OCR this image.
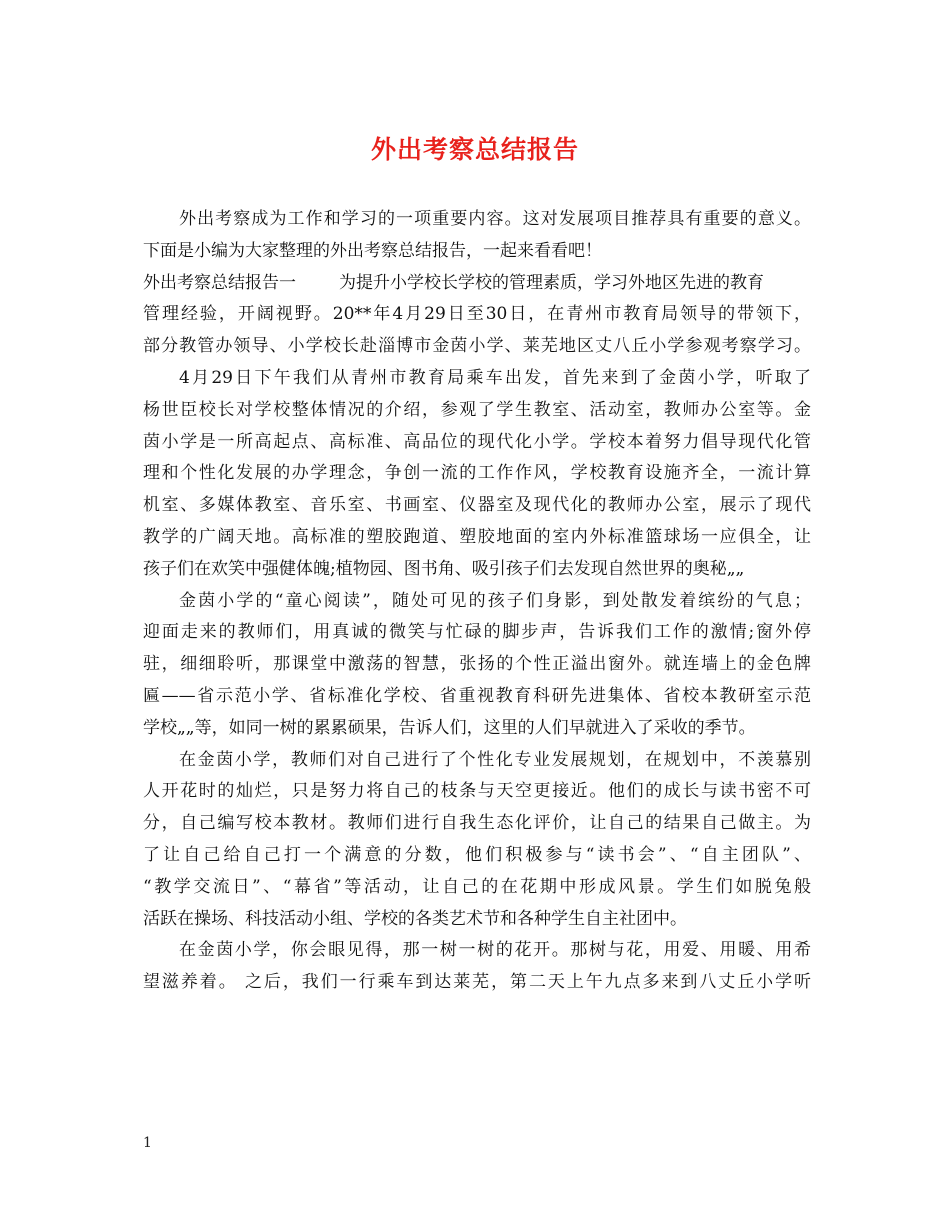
外出考察总结报告
外出考察成为工作和学习的一项重要内容。这对发展项目推荐具有重要的意义。
下面是小编为大家整理的外出考察总结报告，一起来看看吧！
外出考察总结报告一	为提升小学校长学校的管理素质，学习外地区先进的教育
管理经验，开阔视野。20**年4月29日至30日，在青州市教育局领导的带领下，
部分教管办领导、小学校长赴淄博市金茵小学、莱芜地区丈八丘小学参观考察学习。
4月29日下午我们从青州市教育局乘车出发，首先来到了金茵小学，听取了
杨世臣校长对学校整体情况的介绍，参观了学生教室、活动室，教师办公室等。金
茵小学是一所高起点、高标准、高品位的现代化小学。学校本着努力倡导现代化管
理和个性化发展的办学理念，争创一流的工作作风，学校教育设施齐全，一流计算
机室、多媒体教室、音乐室、书画室、仪器室及现代化的教师办公室，展示了现代
教学的广阔天地。高标准的塑胶跑道、塑胶地面的室内外标准篮球场一应俱全，让
孩子们在欢笑中强健体魄;植物园、图书角、吸引孩子们去发现自然世界的奥秘„„
金茵小学的“童心阅读”，随处可见的孩子们身影，到处散发着缤纷的气息；
迎面走来的教师们，用真诚的微笑与忙碌的脚步声，告诉我们工作的激情;窗外停
驻，细细聆听，那课堂中激荡的智慧，张扬的个性正溢出窗外。就连墙上的金色牌
匾——省示范小学、省标准化学校、省重视教育科研先进集体、省校本教研室示范
学校„„等，如同一树的累累硕果，告诉人们，这里的人们早就进入了采收的季节。
在金茵小学，教师们对自己进行了个性化专业发展规划，在规划中，不羡慕别
人开花时的灿烂，只是努力将自己的枝条与天空更接近。他们的成长与读书密不可
分，自己编写校本教材。教师们进行自我生态化评价，让自己的结果自己做主。为
了让自己给自己打一个满意的分数，他们积极参与“读书会”、“自主团队”、
“教学交流日”、“幕省”等活动，让自己的在花期中形成风景。学生们如脱兔般
活跃在操场、科技活动小组、学校的各类艺术节和各种学生自主社团中。
在金茵小学，你会眼见得，那一树一树的花开。那树与花，用爱、用暖、用希
望滋养着。 之后，我们一行乘车到达莱芜，第二天上午九点多来到八丈丘小学听
1
